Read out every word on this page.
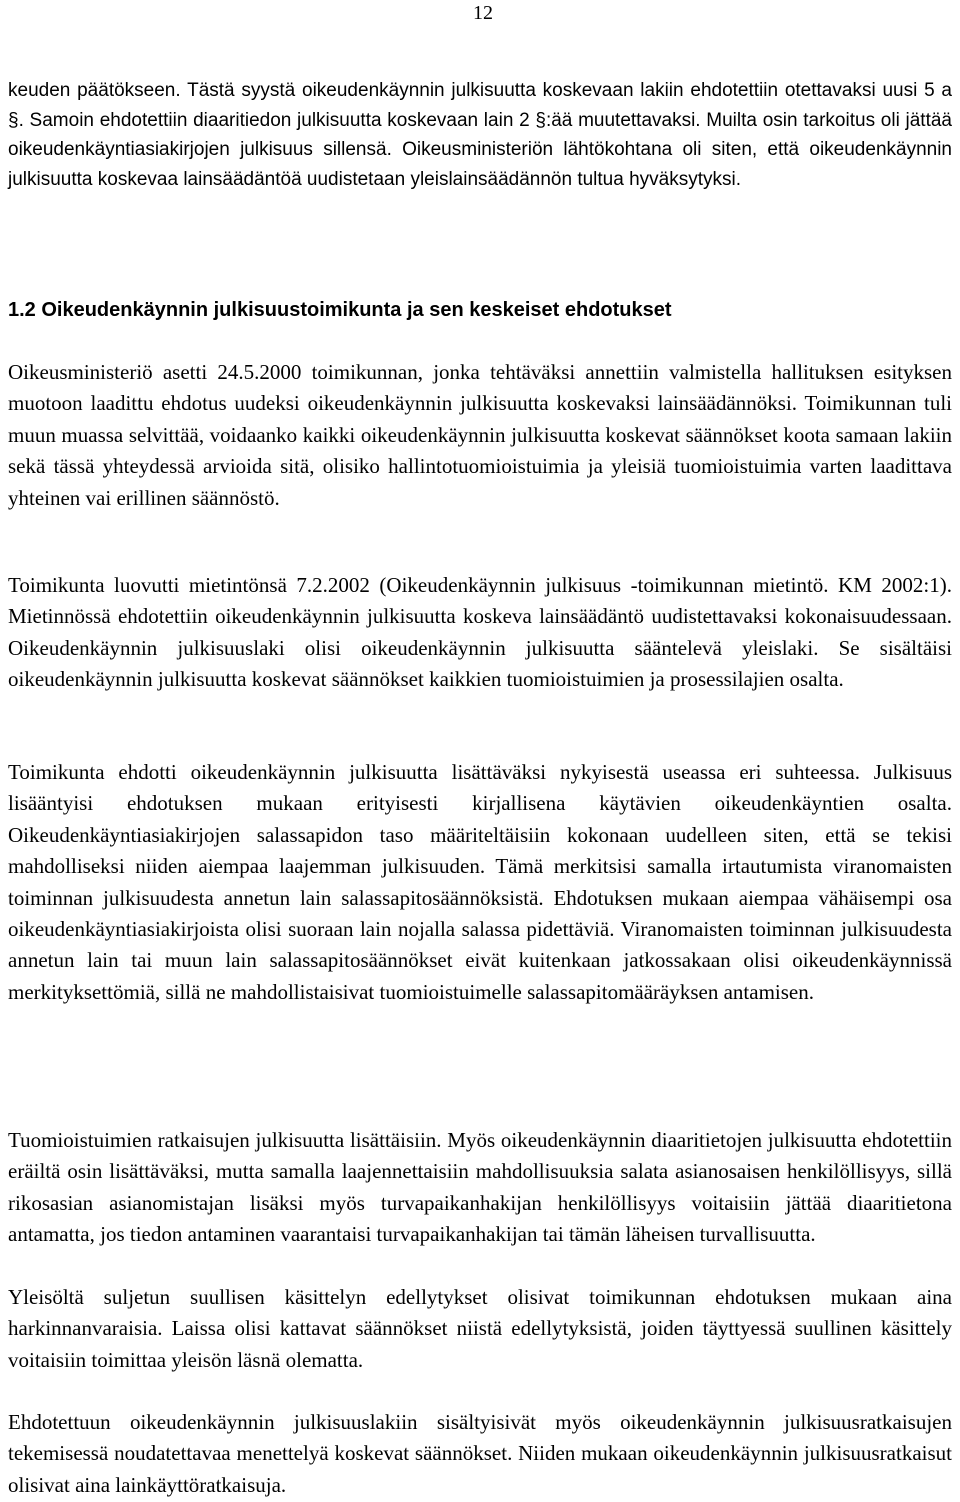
12

keuden päätökseen. Tästä syystä oikeudenkäynnin julkisuutta koskevaan lakiin ehdotettiin otettavaksi uusi 5 a §. Samoin ehdotettiin diaaritiedon julkisuutta koskevaan lain 2 §:ää muutettavaksi. Muilta osin tarkoitus oli jättää oikeudenkäyntiasiakirjojen julkisuus sillensä. Oikeusministeriön lähtökohtana oli siten, että oikeudenkäynnin julkisuutta koskevaa lainsäädäntöä uudistetaan yleislainsäädännön tultua hyväksytyksi.

1.2 Oikeudenkäynnin julkisuustoimikunta ja sen keskeiset ehdotukset

Oikeusministeriö asetti 24.5.2000 toimikunnan, jonka tehtäväksi annettiin valmistella hallituksen esityksen muotoon laadittu ehdotus uudeksi oikeudenkäynnin julkisuutta koskevaksi lainsäädännöksi. Toimikunnan tuli muun muassa selvittää, voidaanko kaikki oikeudenkäynnin julkisuutta koskevat säännökset koota samaan lakiin sekä tässä yhteydessä arvioida sitä, olisiko hallintotuomioistuimia ja yleisiä tuomioistuimia varten laadittava yhteinen vai erillinen säännöstö.

Toimikunta luovutti mietintönsä 7.2.2002 (Oikeudenkäynnin julkisuus -toimikunnan mietintö. KM 2002:1). Mietinnössä ehdotettiin oikeudenkäynnin julkisuutta koskeva lainsäädäntö uudistettavaksi kokonaisuudessaan. Oikeudenkäynnin julkisuuslaki olisi oikeudenkäynnin julkisuutta sääntelevä yleislaki. Se sisältäisi oikeudenkäynnin julkisuutta koskevat säännökset kaikkien tuomioistuimien ja prosessilajien osalta.

Toimikunta ehdotti oikeudenkäynnin julkisuutta lisättäväksi nykyisestä useassa eri suhteessa. Julkisuus lisääntyisi ehdotuksen mukaan erityisesti kirjallisena käytävien oikeudenkäyntien osalta. Oikeudenkäyntiasiakirjojen salassapidon taso määriteltäisiin kokonaan uudelleen siten, että se tekisi mahdolliseksi niiden aiempaa laajemman julkisuuden. Tämä merkitsisi samalla irtautumista viranomaisten toiminnan julkisuudesta annetun lain salassapitosäännöksistä. Ehdotuksen mukaan aiempaa vähäisempi osa oikeudenkäyntiasiakirjoista olisi suoraan lain nojalla salassa pidettäviä. Viranomaisten toiminnan julkisuudesta annetun lain tai muun lain salassapitosäännökset eivät kuitenkaan jatkossakaan olisi oikeudenkäynnissä merkityksettömiä, sillä ne mahdollistaisivat tuomioistuimelle salassapitomääräyksen antamisen.

Tuomioistuimien ratkaisujen julkisuutta lisättäisiin. Myös oikeudenkäynnin diaaritietojen julkisuutta ehdotettiin eräiltä osin lisättäväksi, mutta samalla laajennettaisiin mahdollisuuksia salata asianosaisen henkilöllisyys, sillä rikosasian asianomistajan lisäksi myös turvapaikanhakijan henkilöllisyys voitaisiin jättää diaaritietona antamatta, jos tiedon antaminen vaarantaisi turvapaikanhakijan tai tämän läheisen turvallisuutta.

Yleisöltä suljetun suullisen käsittelyn edellytykset olisivat toimikunnan ehdotuksen mukaan aina harkinnanvaraisia. Laissa olisi kattavat säännökset niistä edellytyksistä, joiden täyttyessä suullinen käsittely voitaisiin toimittaa yleisön läsnä olematta.

Ehdotettuun oikeudenkäynnin julkisuuslakiin sisältyisivät myös oikeudenkäynnin julkisuusratkaisujen tekemisessä noudatettavaa menettelyä koskevat säännökset. Niiden mukaan oikeudenkäynnin julkisuusratkaisut olisivat aina lainkäyttöratkaisuja.
